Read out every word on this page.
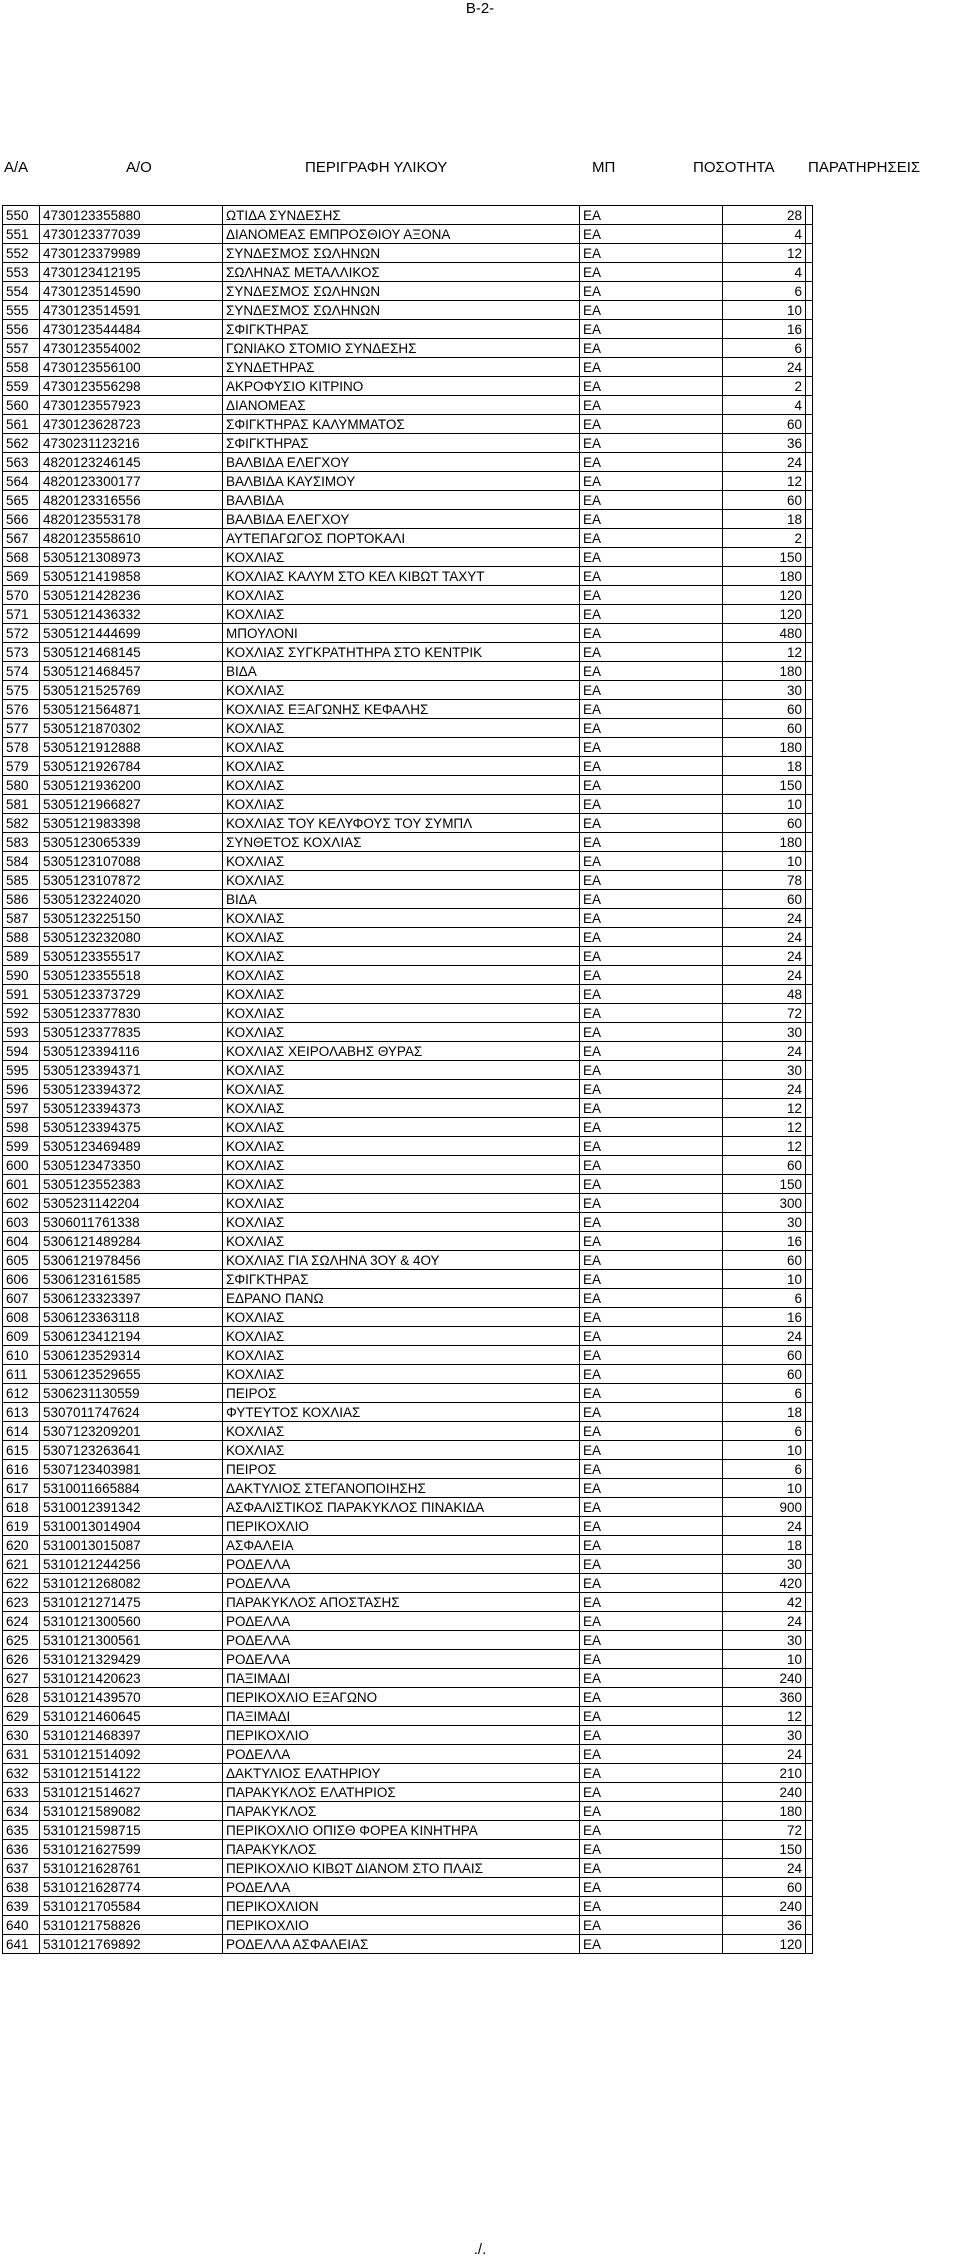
Β-2-
Α/Α	Α/Ο	ΠΕΡΙΓΡΑΦΗ ΥΛΙΚΟΥ	ΜΠ	ΠΟΣΟΤΗΤΑ ΠΑΡΑΤΗΡΗΣΕΙΣ
550	4730123355880	ΩΤΙΔΑ ΣΥΝΔΕΣΗΣ	ΕΑ	28	
551	4730123377039	ΔΙΑΝΟΜΕΑΣ ΕΜΠΡΟΣΘΙΟΥ ΑΞΟΝΑ	ΕΑ	4	
552	4730123379989	ΣΥΝΔΕΣΜΟΣ ΣΩΛΗΝΩΝ	ΕΑ	12	
553	4730123412195	ΣΩΛΗΝΑΣ ΜΕΤΑΛΛΙΚΟΣ	ΕΑ	4	
554	4730123514590	ΣΥΝΔΕΣΜΟΣ ΣΩΛΗΝΩΝ	ΕΑ	6	
555	4730123514591	ΣΥΝΔΕΣΜΟΣ ΣΩΛΗΝΩΝ	ΕΑ	10	
556	4730123544484	ΣΦΙΓΚΤΗΡΑΣ	ΕΑ	16	
557	4730123554002	ΓΩΝΙΑΚΟ ΣΤΟΜΙΟ ΣΥΝΔΕΣΗΣ	ΕΑ	6	
558	4730123556100	ΣΥΝΔΕΤΗΡΑΣ	ΕΑ	24	
559	4730123556298	ΑΚΡΟΦΥΣΙΟ ΚΙΤΡΙΝΟ	ΕΑ	2	
560	4730123557923	ΔΙΑΝΟΜΕΑΣ	ΕΑ	4	
561	4730123628723	ΣΦΙΓΚΤΗΡΑΣ ΚΑΛΥΜΜΑΤΟΣ	ΕΑ	60	
562	4730231123216	ΣΦΙΓΚΤΗΡΑΣ	ΕΑ	36	
563	4820123246145	ΒΑΛΒΙΔΑ ΕΛΕΓΧΟΥ	ΕΑ	24	
564	4820123300177	ΒΑΛΒΙΔΑ ΚΑΥΣΙΜΟΥ	ΕΑ	12	
565	4820123316556	ΒΑΛΒΙΔΑ	ΕΑ	60	
566	4820123553178	ΒΑΛΒΙΔΑ ΕΛΕΓΧΟΥ	ΕΑ	18	
567	4820123558610	ΑΥΤΕΠΑΓΩΓΟΣ ΠΟΡΤΟΚΑΛΙ	ΕΑ	2	
568	5305121308973	ΚΟΧΛΙΑΣ	ΕΑ	150	
569	5305121419858	ΚΟΧΛΙΑΣ ΚΑΛΥΜ ΣΤΟ ΚΕΛ ΚΙΒΩΤ ΤΑΧΥΤ	ΕΑ	180	
570	5305121428236	ΚΟΧΛΙΑΣ	ΕΑ	120	
571	5305121436332	ΚΟΧΛΙΑΣ	ΕΑ	120	
572	5305121444699	ΜΠΟΥΛΟΝΙ	ΕΑ	480	
573	5305121468145	ΚΟΧΛΙΑΣ ΣΥΓΚΡΑΤΗΤΗΡΑ ΣΤΟ ΚΕΝΤΡΙΚ	ΕΑ	12	
574	5305121468457	ΒΙΔΑ	ΕΑ	180	
575	5305121525769	ΚΟΧΛΙΑΣ	ΕΑ	30	
576	5305121564871	ΚΟΧΛΙΑΣ ΕΞΑΓΩΝΗΣ ΚΕΦΑΛΗΣ	ΕΑ	60	
577	5305121870302	ΚΟΧΛΙΑΣ	ΕΑ	60	
578	5305121912888	ΚΟΧΛΙΑΣ	ΕΑ	180	
579	5305121926784	ΚΟΧΛΙΑΣ	ΕΑ	18	
580	5305121936200	ΚΟΧΛΙΑΣ	ΕΑ	150	
581	5305121966827	ΚΟΧΛΙΑΣ	ΕΑ	10	
582	5305121983398	ΚΟΧΛΙΑΣ ΤΟΥ ΚΕΛΥΦΟΥΣ ΤΟΥ ΣΥΜΠΛ	ΕΑ	60	
583	5305123065339	ΣΥΝΘΕΤΟΣ ΚΟΧΛΙΑΣ	ΕΑ	180	
584	5305123107088	ΚΟΧΛΙΑΣ	ΕΑ	10	
585	5305123107872	ΚΟΧΛΙΑΣ	ΕΑ	78	
586	5305123224020	ΒΙΔΑ	ΕΑ	60	
587	5305123225150	ΚΟΧΛΙΑΣ	ΕΑ	24	
588	5305123232080	ΚΟΧΛΙΑΣ	ΕΑ	24	
589	5305123355517	ΚΟΧΛΙΑΣ	ΕΑ	24	
590	5305123355518	ΚΟΧΛΙΑΣ	ΕΑ	24	
591	5305123373729	ΚΟΧΛΙΑΣ	ΕΑ	48	
592	5305123377830	ΚΟΧΛΙΑΣ	ΕΑ	72	
593	5305123377835	ΚΟΧΛΙΑΣ	ΕΑ	30	
594	5305123394116	ΚΟΧΛΙΑΣ ΧΕΙΡΟΛΑΒΗΣ ΘΥΡΑΣ	ΕΑ	24	
595	5305123394371	ΚΟΧΛΙΑΣ	ΕΑ	30	
596	5305123394372	ΚΟΧΛΙΑΣ	ΕΑ	24	
597	5305123394373	ΚΟΧΛΙΑΣ	ΕΑ	12	
598	5305123394375	ΚΟΧΛΙΑΣ	ΕΑ	12	
599	5305123469489	ΚΟΧΛΙΑΣ	ΕΑ	12	
600	5305123473350	ΚΟΧΛΙΑΣ	ΕΑ	60	
601	5305123552383	ΚΟΧΛΙΑΣ	ΕΑ	150	
602	5305231142204	ΚΟΧΛΙΑΣ	ΕΑ	300	
603	5306011761338	ΚΟΧΛΙΑΣ	ΕΑ	30	
604	5306121489284	ΚΟΧΛΙΑΣ	ΕΑ	16	
605	5306121978456	ΚΟΧΛΙΑΣ ΓΙΑ ΣΩΛΗΝΑ 3ΟΥ & 4ΟΥ	ΕΑ	60	
606	5306123161585	ΣΦΙΓΚΤΗΡΑΣ	ΕΑ	10	
607	5306123323397	ΕΔΡΑΝΟ ΠΑΝΩ	ΕΑ	6	
608	5306123363118	ΚΟΧΛΙΑΣ	ΕΑ	16	
609	5306123412194	ΚΟΧΛΙΑΣ	ΕΑ	24	
610	5306123529314	ΚΟΧΛΙΑΣ	ΕΑ	60	
611	5306123529655	ΚΟΧΛΙΑΣ	ΕΑ	60	
612	5306231130559	ΠΕΙΡΟΣ	ΕΑ	6	
613	5307011747624	ΦΥΤΕΥΤΟΣ ΚΟΧΛΙΑΣ	ΕΑ	18	
614	5307123209201	ΚΟΧΛΙΑΣ	ΕΑ	6	
615	5307123263641	ΚΟΧΛΙΑΣ	ΕΑ	10	
616	5307123403981	ΠΕΙΡΟΣ	ΕΑ	6	
617	5310011665884	ΔΑΚΤΥΛΙΟΣ ΣΤΕΓΑΝΟΠΟΙΗΣΗΣ	ΕΑ	10	
618	5310012391342	ΑΣΦΑΛΙΣΤΙΚΟΣ ΠΑΡΑΚΥΚΛΟΣ ΠΙΝΑΚΙΔΑ	ΕΑ	900	
619	5310013014904	ΠΕΡΙΚΟΧΛΙΟ	ΕΑ	24	
620	5310013015087	ΑΣΦΑΛΕΙΑ	ΕΑ	18	
621	5310121244256	ΡΟΔΕΛΛΑ	ΕΑ	30	
622	5310121268082	ΡΟΔΕΛΛΑ	ΕΑ	420	
623	5310121271475	ΠΑΡΑΚΥΚΛΟΣ ΑΠΟΣΤΑΣΗΣ	ΕΑ	42	
624	5310121300560	ΡΟΔΕΛΛΑ	ΕΑ	24	
625	5310121300561	ΡΟΔΕΛΛΑ	ΕΑ	30	
626	5310121329429	ΡΟΔΕΛΛΑ	ΕΑ	10	
627	5310121420623	ΠΑΞΙΜΑΔΙ	ΕΑ	240	
628	5310121439570	ΠΕΡΙΚΟΧΛΙΟ ΕΞΑΓΩΝΟ	ΕΑ	360	
629	5310121460645	ΠΑΞΙΜΑΔΙ	ΕΑ	12	
630	5310121468397	ΠΕΡΙΚΟΧΛΙΟ	ΕΑ	30	
631	5310121514092	ΡΟΔΕΛΛΑ	ΕΑ	24	
632	5310121514122	ΔΑΚΤΥΛΙΟΣ ΕΛΑΤΗΡΙΟΥ	ΕΑ	210	
633	5310121514627	ΠΑΡΑΚΥΚΛΟΣ ΕΛΑΤΗΡΙΟΣ	ΕΑ	240	
634	5310121589082	ΠΑΡΑΚΥΚΛΟΣ	ΕΑ	180	
635	5310121598715	ΠΕΡΙΚΟΧΛΙΟ ΟΠΙΣΘ ΦΟΡΕΑ ΚΙΝΗΤΗΡΑ	ΕΑ	72	
636	5310121627599	ΠΑΡΑΚΥΚΛΟΣ	ΕΑ	150	
637	5310121628761	ΠΕΡΙΚΟΧΛΙΟ ΚΙΒΩΤ ΔΙΑΝΟΜ ΣΤΟ ΠΛΑΙΣ	ΕΑ	24	
638	5310121628774	ΡΟΔΕΛΛΑ	ΕΑ	60	
639	5310121705584	ΠΕΡΙΚΟΧΛΙΟΝ	ΕΑ	240	
640	5310121758826	ΠΕΡΙΚΟΧΛΙΟ	ΕΑ	36	
641	5310121769892	ΡΟΔΕΛΛΑ ΑΣΦΑΛΕΙΑΣ	ΕΑ	120	
./.
